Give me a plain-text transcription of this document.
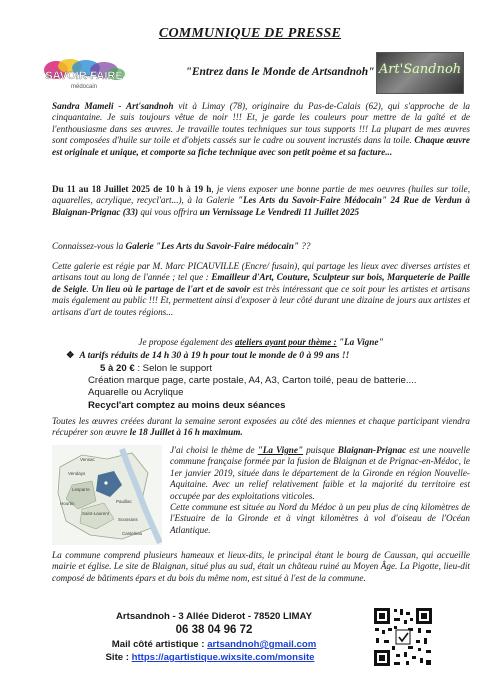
COMMUNIQUE DE PRESSE
SAVOIR-FAIRE
médocain
"Entrez dans le Monde de Artsandnoh" Art'Sandnoh
Sandra Mameli - Art'sandnoh vit à Limay (78), originaire du Pas-de-Calais (62), qui s'approche de la cinquantaine. Je suis toujours vêtue de noir !!! Et, je garde les couleurs pour mettre de la gaîté et de l'enthousiasme dans ses œuvres. Je travaille toutes techniques sur tous supports !!! La plupart de mes œuvres sont composées d'huile sur toile et d'objets cassés sur le cadre ou souvent incrustés dans la toile. Chaque œuvre est originale et unique, et comporte sa fiche technique avec son petit poème et sa facture...
Du 11 au 18 Juillet 2025 de 10 h à 19 h, je viens exposer une bonne partie de mes oeuvres (huiles sur toile, aquarelles, acrylique, recycl'art...), à la Galerie "Les Arts du Savoir-Faire Médocain" 24 Rue de Verdun à Blaignan-Prignac (33) qui vous offrira un Vernissage Le Vendredi 11 Juillet 2025
Connaissez-vous la Galerie "Les Arts du Savoir-Faire médocain" ??
Cette galerie est régie par M. Marc PICAUVILLE (Encre/ fusain), qui partage les lieux avec diverses artistes et artisans tout au long de l'année ; tel que : Emailleur d'Art, Couture, Sculpteur sur bois, Marqueterie de Paille de Seigle. Un lieu où le partage de l'art et de savoir est très intéressant que ce soit pour les artistes et artisans mais également au public !!! Et, permettent ainsi d'exposer à leur côté durant une dizaine de jours aux artistes et artisans d'art de toutes régions...
Je propose également des ateliers ayant pour thème : "La Vigne"
❖ A tarifs réduits de 14 h 30 à 19 h pour tout le monde de 0 à 99 ans !!
5 à 20 € : Selon le support
Création marque page, carte postale, A4, A3, Carton toilé, peau de batterie....
Aquarelle ou Acrylique
Recycl'art comptez au moins deux séances
Toutes les œuvres créées durant la semaine seront exposées au côté des miennes et chaque participant viendra récupérer son œuvre le 18 Juillet à 16 h maximum.
Vensac
Vendays
Lesparre
Hourtin	Pauillac
Saint-Laurent
Soussans
Castelnau
J'ai choisi le thème de "La Vigne" puisque Blaignan-Prignac est une nouvelle commune française formée par la fusion de Blaignan et de Prignac-en-Médoc, le 1er janvier 2019, située dans le département de la Gironde en région Nouvelle-Aquitaine. Avec un relief relativement faible et la majorité du territoire est occupée par des exploitations viticoles.
Cette commune est située au Nord du Médoc à un peu plus de cinq kilomètres de l'Estuaire de la Gironde et à vingt kilomètres à vol d'oiseau de l'Océan Atlantique.
La commune comprend plusieurs hameaux et lieux-dits, le principal étant le bourg de Caussan, qui accueille mairie et église. Le site de Blaignan, situé plus au sud, était un château ruiné au Moyen Âge. La Pigotte, lieu-dit composé de bâtiments épars et du bois du même nom, est situé à l'est de la commune.
Artsandnoh - 3 Allée Diderot - 78520 LIMAY
06 38 04 96 72
Mail côté artistique : artsandnoh@gmail.com
Site : https://agartistique.wixsite.com/monsite
